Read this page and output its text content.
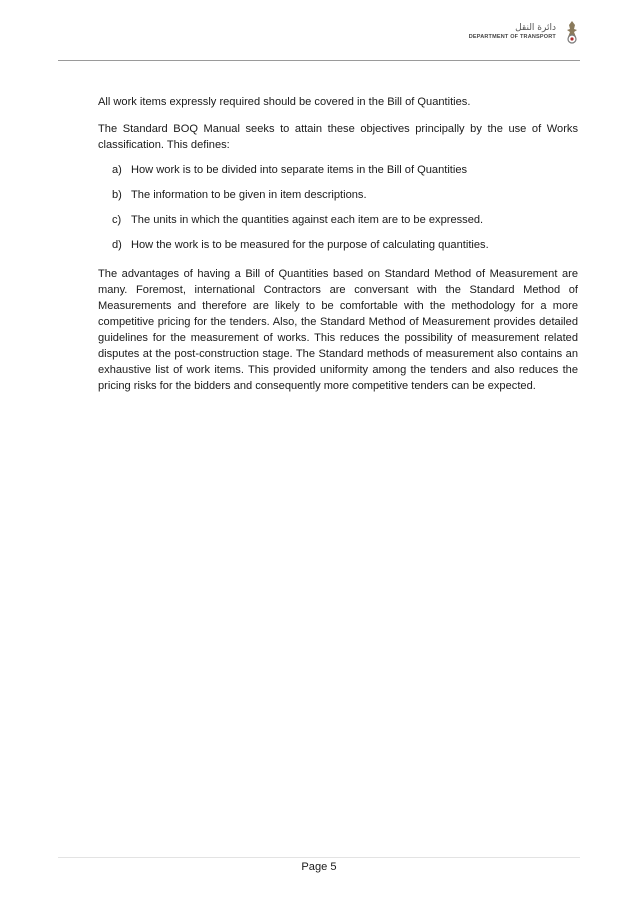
دائرة النقل
DEPARTMENT OF TRANSPORT

All work items expressly required should be covered in the Bill of Quantities.

The Standard BOQ Manual seeks to attain these objectives principally by the use of Works classification. This defines:

a) How work is to be divided into separate items in the Bill of Quantities
b) The information to be given in item descriptions.
c) The units in which the quantities against each item are to be expressed.
d) How the work is to be measured for the purpose of calculating quantities.

The advantages of having a Bill of Quantities based on Standard Method of Measurement are many. Foremost, international Contractors are conversant with the Standard Method of Measurements and therefore are likely to be comfortable with the methodology for a more competitive pricing for the tenders. Also, the Standard Method of Measurement provides detailed guidelines for the measurement of works. This reduces the possibility of measurement related disputes at the post-construction stage. The Standard methods of measurement also contains an exhaustive list of work items. This provided uniformity among the tenders and also reduces the pricing risks for the bidders and consequently more competitive tenders can be expected.

Page 5
